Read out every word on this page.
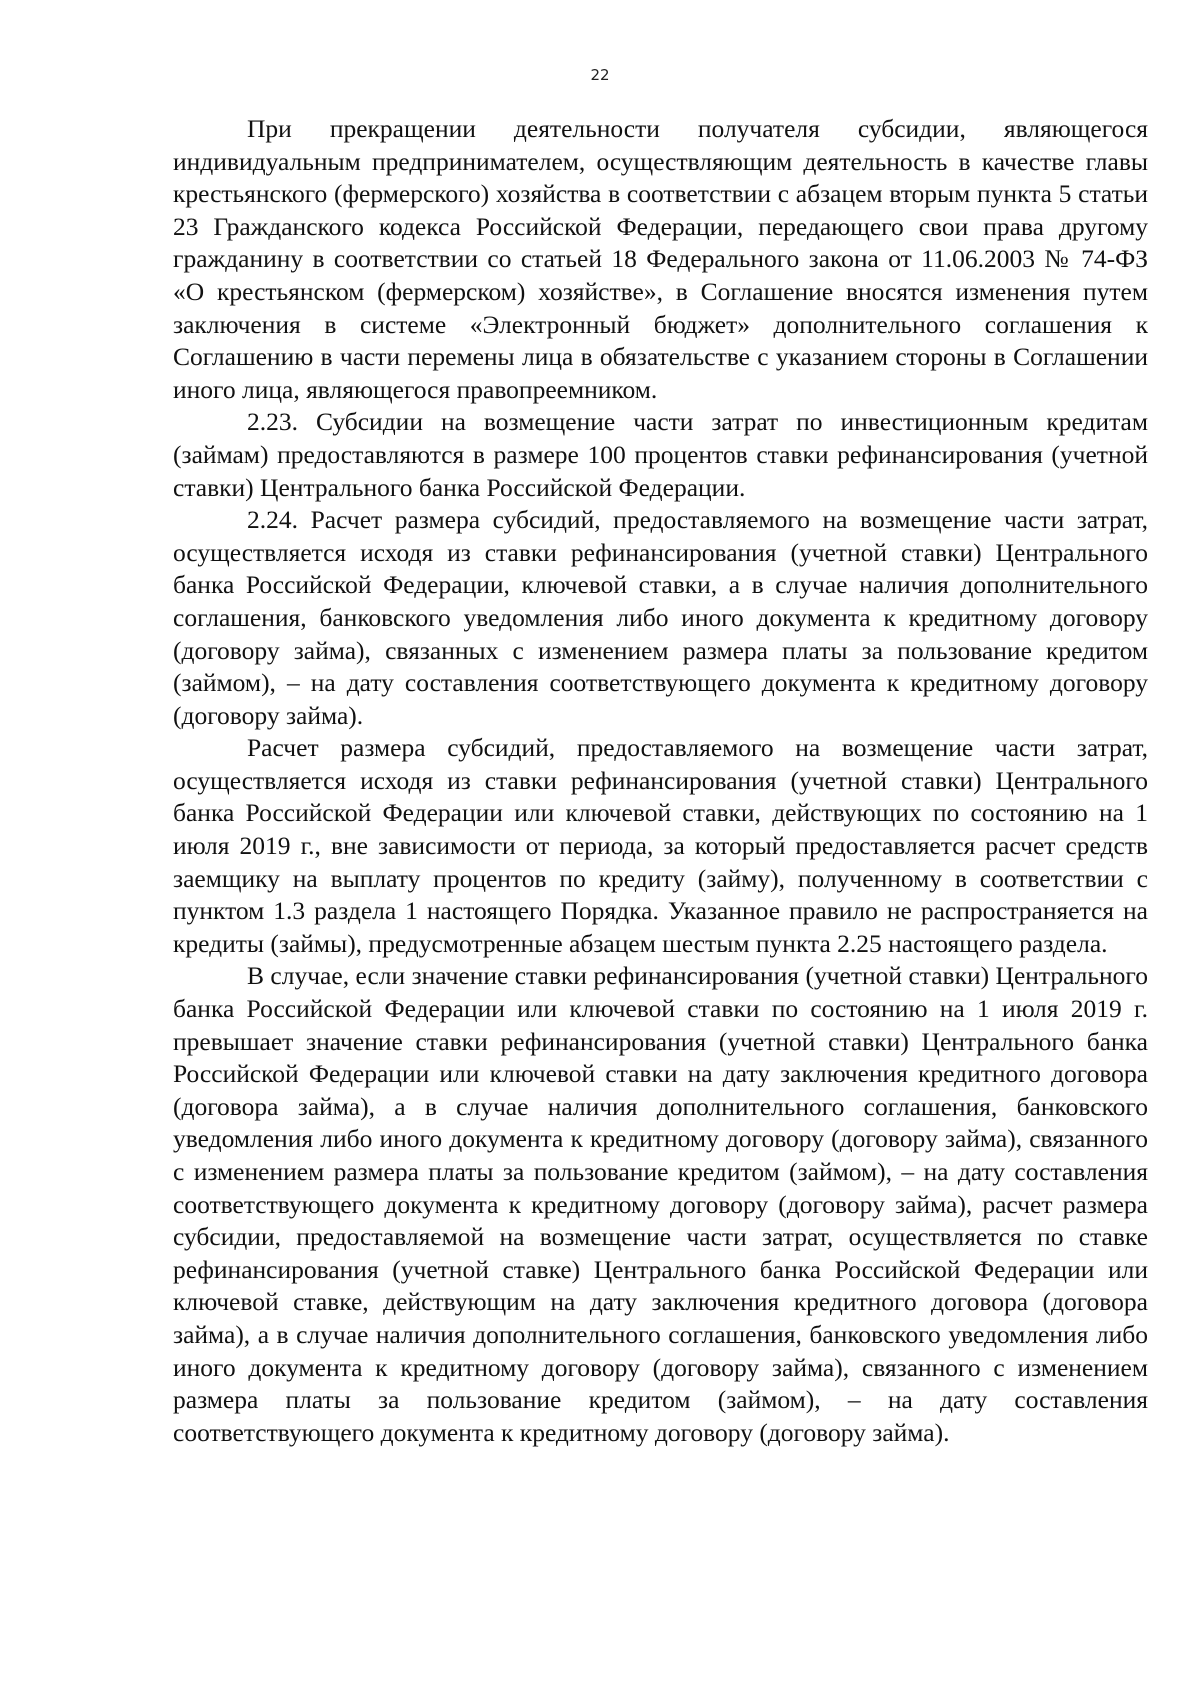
22

При прекращении деятельности получателя субсидии, являющегося индивидуальным предпринимателем, осуществляющим деятельность в качестве главы крестьянского (фермерского) хозяйства в соответствии с абзацем вторым пункта 5 статьи 23 Гражданского кодекса Российской Федерации, передающего свои права другому гражданину в соответствии со статьей 18 Федерального закона от 11.06.2003 № 74-ФЗ «О крестьянском (фермерском) хозяйстве», в Соглашение вносятся изменения путем заключения в системе «Электронный бюджет» дополнительного соглашения к Соглашению в части перемены лица в обязательстве с указанием стороны в Соглашении иного лица, являющегося правопреемником.

2.23. Субсидии на возмещение части затрат по инвестиционным кредитам (займам) предоставляются в размере 100 процентов ставки рефинансирования (учетной ставки) Центрального банка Российской Федерации.

2.24. Расчет размера субсидий, предоставляемого на возмещение части затрат, осуществляется исходя из ставки рефинансирования (учетной ставки) Центрального банка Российской Федерации, ключевой ставки, а в случае наличия дополнительного соглашения, банковского уведомления либо иного документа к кредитному договору (договору займа), связанных с изменением размера платы за пользование кредитом (займом), – на дату составления соответствующего документа к кредитному договору (договору займа).

Расчет размера субсидий, предоставляемого на возмещение части затрат, осуществляется исходя из ставки рефинансирования (учетной ставки) Центрального банка Российской Федерации или ключевой ставки, действующих по состоянию на 1 июля 2019 г., вне зависимости от периода, за который предоставляется расчет средств заемщику на выплату процентов по кредиту (займу), полученному в соответствии с пунктом 1.3 раздела 1 настоящего Порядка. Указанное правило не распространяется на кредиты (займы), предусмотренные абзацем шестым пункта 2.25 настоящего раздела.

В случае, если значение ставки рефинансирования (учетной ставки) Центрального банка Российской Федерации или ключевой ставки по состоянию на 1 июля 2019 г. превышает значение ставки рефинансирования (учетной ставки) Центрального банка Российской Федерации или ключевой ставки на дату заключения кредитного договора (договора займа), а в случае наличия дополнительного соглашения, банковского уведомления либо иного документа к кредитному договору (договору займа), связанного с изменением размера платы за пользование кредитом (займом), – на дату составления соответствующего документа к кредитному договору (договору займа), расчет размера субсидии, предоставляемой на возмещение части затрат, осуществляется по ставке рефинансирования (учетной ставке) Центрального банка Российской Федерации или ключевой ставке, действующим на дату заключения кредитного договора (договора займа), а в случае наличия дополнительного соглашения, банковского уведомления либо иного документа к кредитному договору (договору займа), связанного с изменением размера платы за пользование кредитом (займом), – на дату составления соответствующего документа к кредитному договору (договору займа).
